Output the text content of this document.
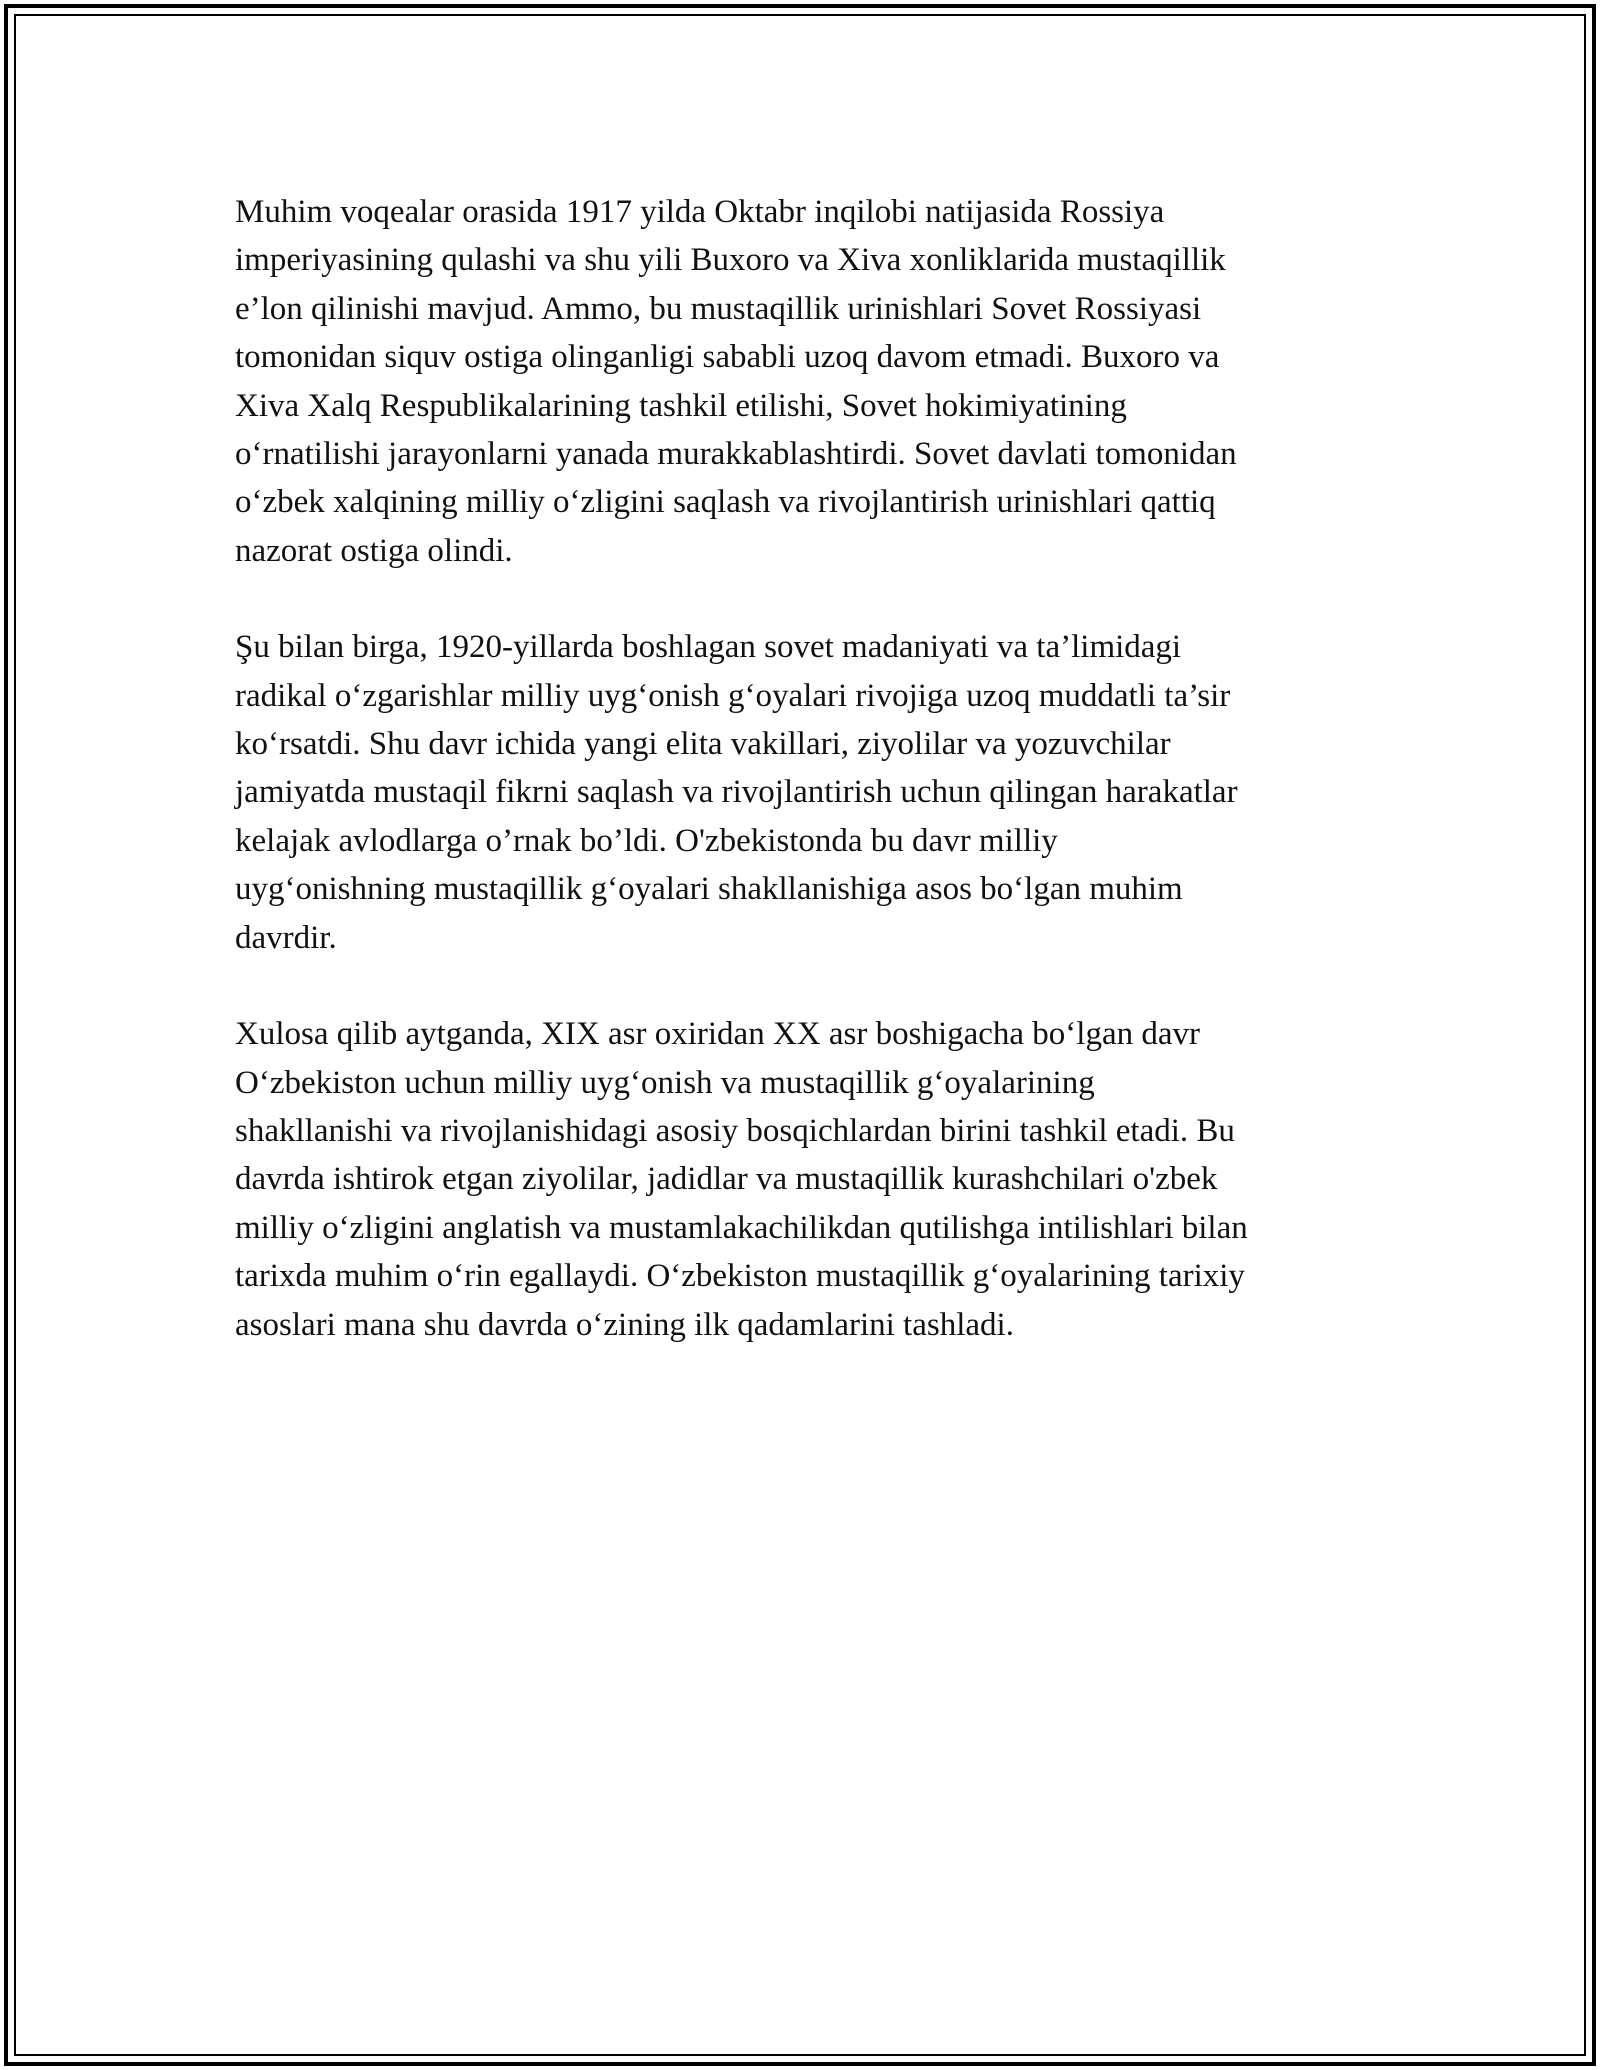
Muhim voqealar orasida 1917 yilda Oktabr inqilobi natijasida Rossiya
imperiyasining qulashi va shu yili Buxoro va Xiva xonliklarida mustaqillik
e’lon qilinishi mavjud. Ammo, bu mustaqillik urinishlari Sovet Rossiyasi
tomonidan siquv ostiga olinganligi sababli uzoq davom etmadi. Buxoro va
Xiva Xalq Respublikalarining tashkil etilishi, Sovet hokimiyatining
o‘rnatilishi jarayonlarni yanada murakkablashtirdi. Sovet davlati tomonidan
o‘zbek xalqining milliy o‘zligini saqlash va rivojlantirish urinishlari qattiq
nazorat ostiga olindi.

Şu bilan birga, 1920-yillarda boshlagan sovet madaniyati va ta’limidagi
radikal o‘zgarishlar milliy uyg‘onish g‘oyalari rivojiga uzoq muddatli ta’sir
ko‘rsatdi. Shu davr ichida yangi elita vakillari, ziyolilar va yozuvchilar
jamiyatda mustaqil fikrni saqlash va rivojlantirish uchun qilingan harakatlar
kelajak avlodlarga o’rnak bo’ldi. O'zbekistonda bu davr milliy
uyg‘onishning mustaqillik g‘oyalari shakllanishiga asos bo‘lgan muhim
davrdir.

Xulosa qilib aytganda, XIX asr oxiridan XX asr boshigacha bo‘lgan davr
O‘zbekiston uchun milliy uyg‘onish va mustaqillik g‘oyalarining
shakllanishi va rivojlanishidagi asosiy bosqichlardan birini tashkil etadi. Bu
davrda ishtirok etgan ziyolilar, jadidlar va mustaqillik kurashchilari o'zbek
milliy o‘zligini anglatish va mustamlakachilikdan qutilishga intilishlari bilan
tarixda muhim o‘rin egallaydi. O‘zbekiston mustaqillik g‘oyalarining tarixiy
asoslari mana shu davrda o‘zining ilk qadamlarini tashladi.
